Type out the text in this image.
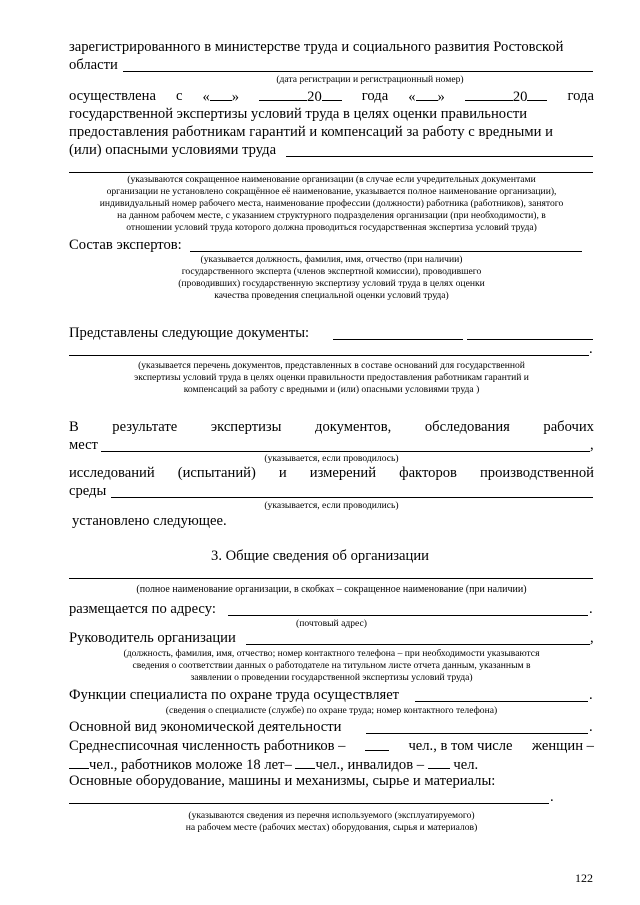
зарегистрированного в министерстве труда и социального развития Ростовской
области
(дата регистрации и регистрационный номер)
осуществлена с « »	20	года « »	20	года
государственной экспертизы условий труда в целях оценки правильности
предоставления работникам гарантий и компенсаций за работу с вредными и
(или) опасными условиями труда
(указываются сокращенное наименование организации (в случае если учредительных документами
организации не установлено сокращённое её наименование, указывается полное наименование организации),
индивидуальный номер рабочего места, наименование профессии (должности) работника (работников), занятого
на данном рабочем месте, с указанием структурного подразделения организации (при необходимости), в
отношении условий труда которого должна проводиться государственная экспертиза условий труда)
Состав экспертов:
(указывается должность, фамилия, имя, отчество (при наличии)
государственного эксперта (членов экспертной комиссии), проводившего
(проводивших) государственную экспертизу условий труда в целях оценки
качества проведения специальной оценки условий труда)
Представлены следующие документы:
.
(указывается перечень документов, представленных в составе оснований для государственной
экспертизы условий труда в целях оценки правильности предоставления работникам гарантий и
компенсаций за работу с вредными и (или) опасными условиями труда )
В результате экспертизы документов, обследования рабочих
мест	,
(указывается, если проводилось)
исследований (испытаний) и измерений факторов производственной
среды
(указывается, если проводились)
установлено следующее.
3. Общие сведения об организации
(полное наименование организации, в скобках – сокращенное наименование (при наличии)
размещается по адресу:	.
(почтовый адрес)
Руководитель организации	,
(должность, фамилия, имя, отчество; номер контактного телефона – при необходимости указываются
сведения о соответствии данных о работодателе на титульном листе отчета данным, указанным в
заявлении о проведении государственной экспертизы условий труда)
Функции специалиста по охране труда осуществляет	.
(сведения о специалисте (службе) по охране труда; номер контактного телефона)
Основной вид экономической деятельности	.
Среднесписочная численность работников –	чел., в том числе женщин –
чел., работников моложе 18 лет– чел., инвалидов – чел.
Основные оборудование, машины и механизмы, сырье и материалы:
.
(указываются сведения из перечня используемого (эксплуатируемого)
на рабочем месте (рабочих местах) оборудования, сырья и материалов)
122
